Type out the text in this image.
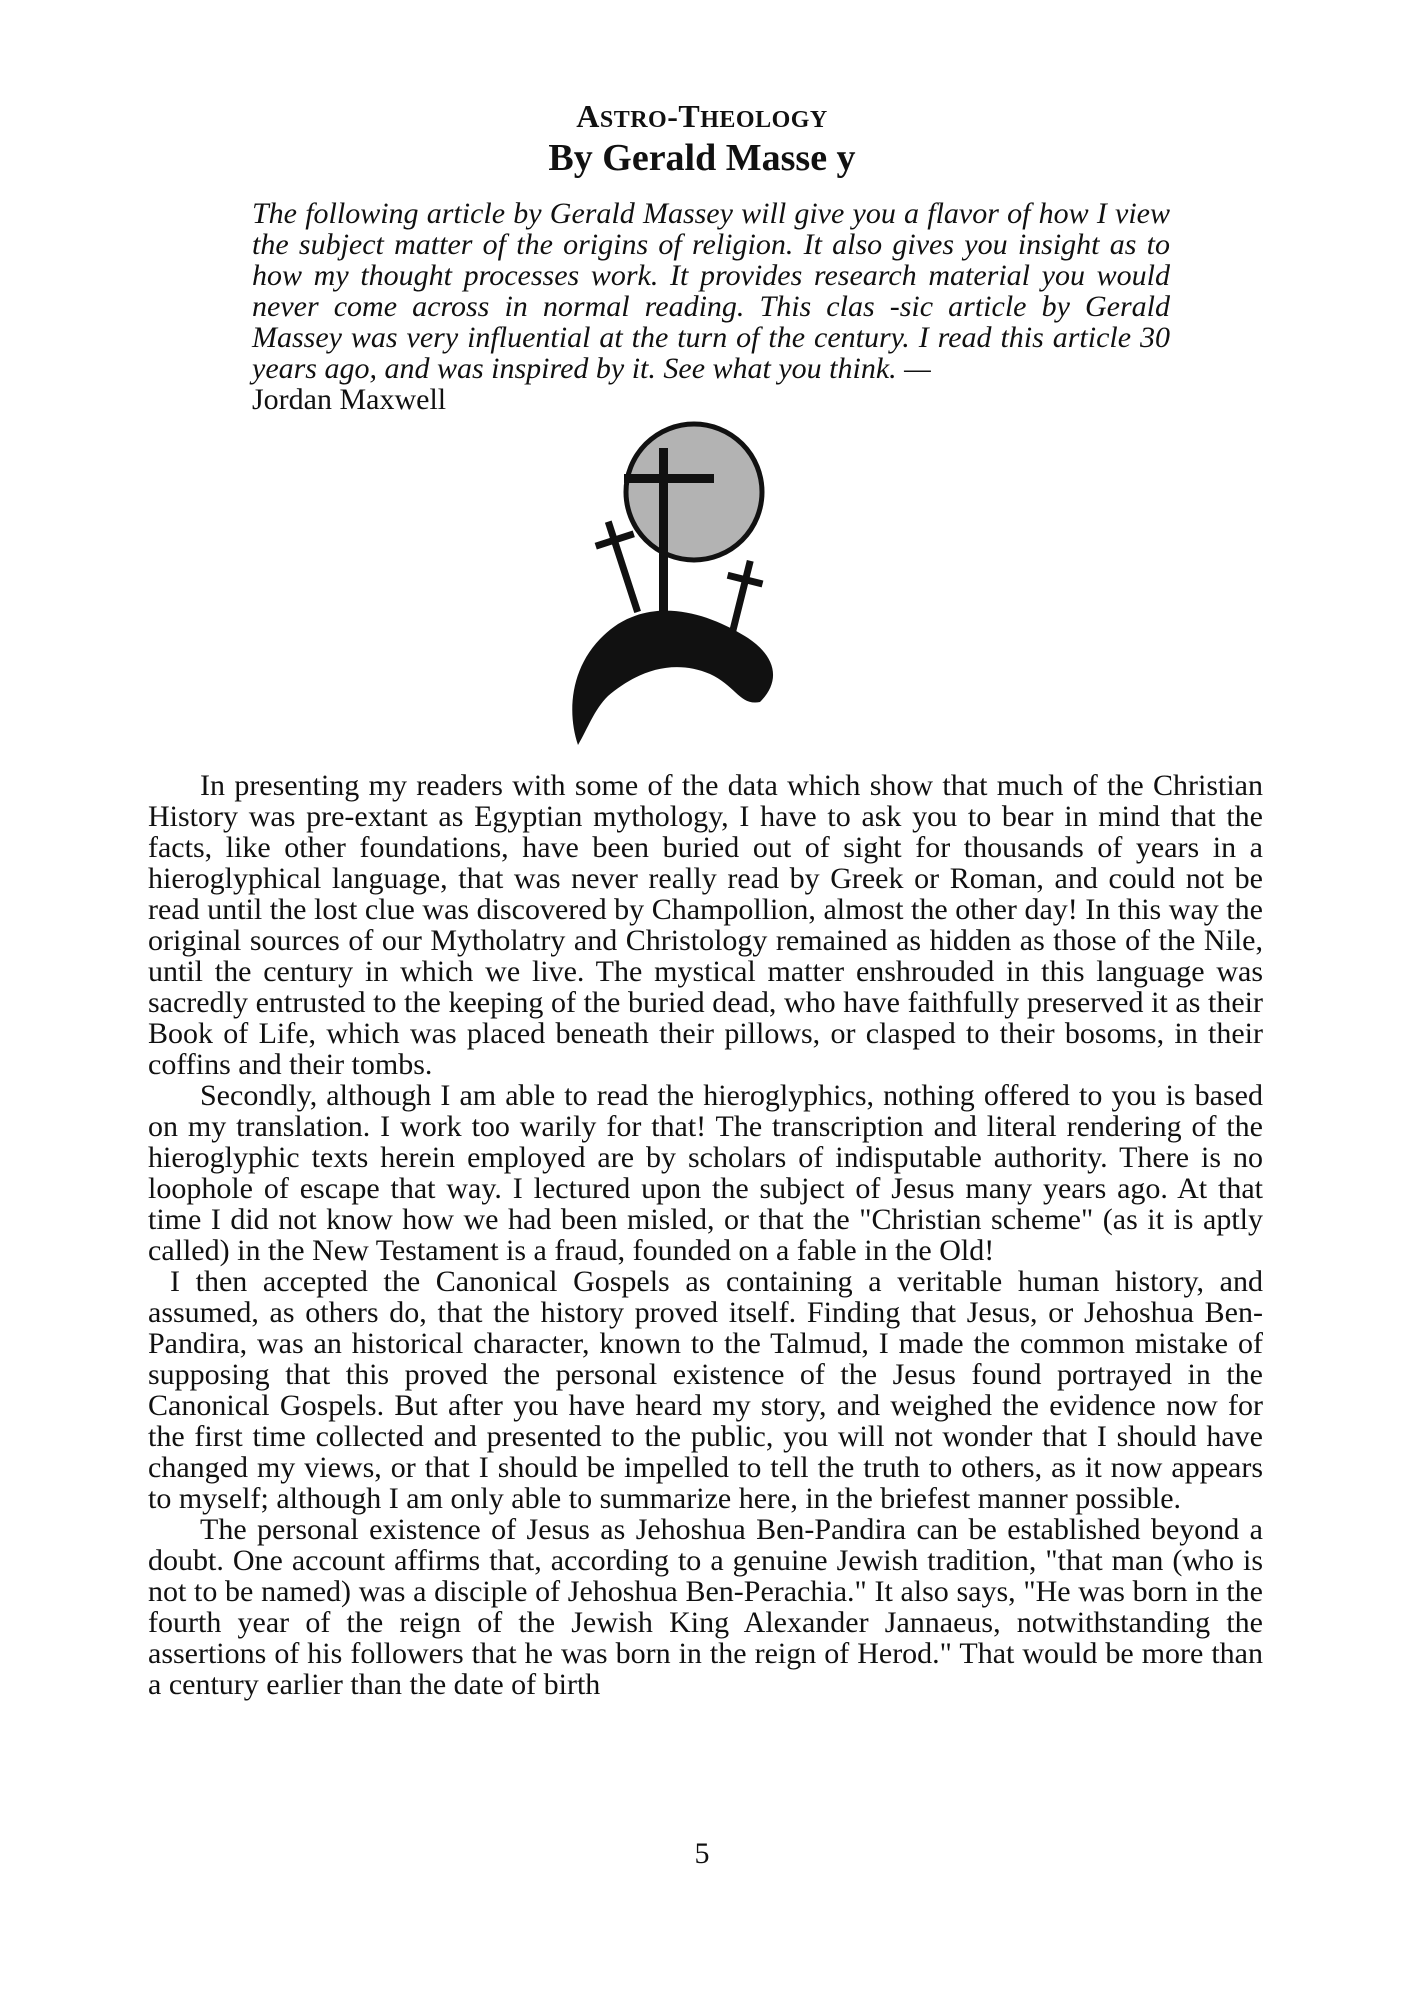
ASTRO-THEOLOGY
By Gerald Masse y
The following article by Gerald Massey will give you a flavor of how I view the subject matter of the origins of religion. It also gives you insight as to how my thought processes work. It provides research material you would never come across in normal reading. This clas -sic article by Gerald Massey was very influential at the turn of the century. I read this article 30 years ago, and was inspired by it. See what you think. —
Jordan Maxwell

In presenting my readers with some of the data which show that much of the Christian History was pre-extant as Egyptian mythology, I have to ask you to bear in mind that the facts, like other foundations, have been buried out of sight for thousands of years in a hieroglyphical language, that was never really read by Greek or Roman, and could not be read until the lost clue was discovered by Champollion, almost the other day! In this way the original sources of our Mytholatry and Christology remained as hidden as those of the Nile, until the century in which we live. The mystical matter enshrouded in this language was sacredly entrusted to the keeping of the buried dead, who have faithfully preserved it as their Book of Life, which was placed beneath their pillows, or clasped to their bosoms, in their coffins and their tombs.

Secondly, although I am able to read the hieroglyphics, nothing offered to you is based on my translation. I work too warily for that! The transcription and literal rendering of the hieroglyphic texts herein employed are by scholars of indisputable authority. There is no loophole of escape that way. I lectured upon the subject of Jesus many years ago. At that time I did not know how we had been misled, or that the "Christian scheme" (as it is aptly called) in the New Testament is a fraud, founded on a fable in the Old!

I then accepted the Canonical Gospels as containing a veritable human history, and assumed, as others do, that the history proved itself. Finding that Jesus, or Jehoshua Ben-Pandira, was an historical character, known to the Talmud, I made the common mistake of supposing that this proved the personal existence of the Jesus found portrayed in the Canonical Gospels. But after you have heard my story, and weighed the evidence now for the first time collected and presented to the public, you will not wonder that I should have changed my views, or that I should be impelled to tell the truth to others, as it now appears to myself; although I am only able to summarize here, in the briefest manner possible.

The personal existence of Jesus as Jehoshua Ben-Pandira can be established beyond a doubt. One account affirms that, according to a genuine Jewish tradition, "that man (who is not to be named) was a disciple of Jehoshua Ben-Perachia." It also says, "He was born in the fourth year of the reign of the Jewish King Alexander Jannaeus, notwithstanding the assertions of his followers that he was born in the reign of Herod." That would be more than a century earlier than the date of birth

5
